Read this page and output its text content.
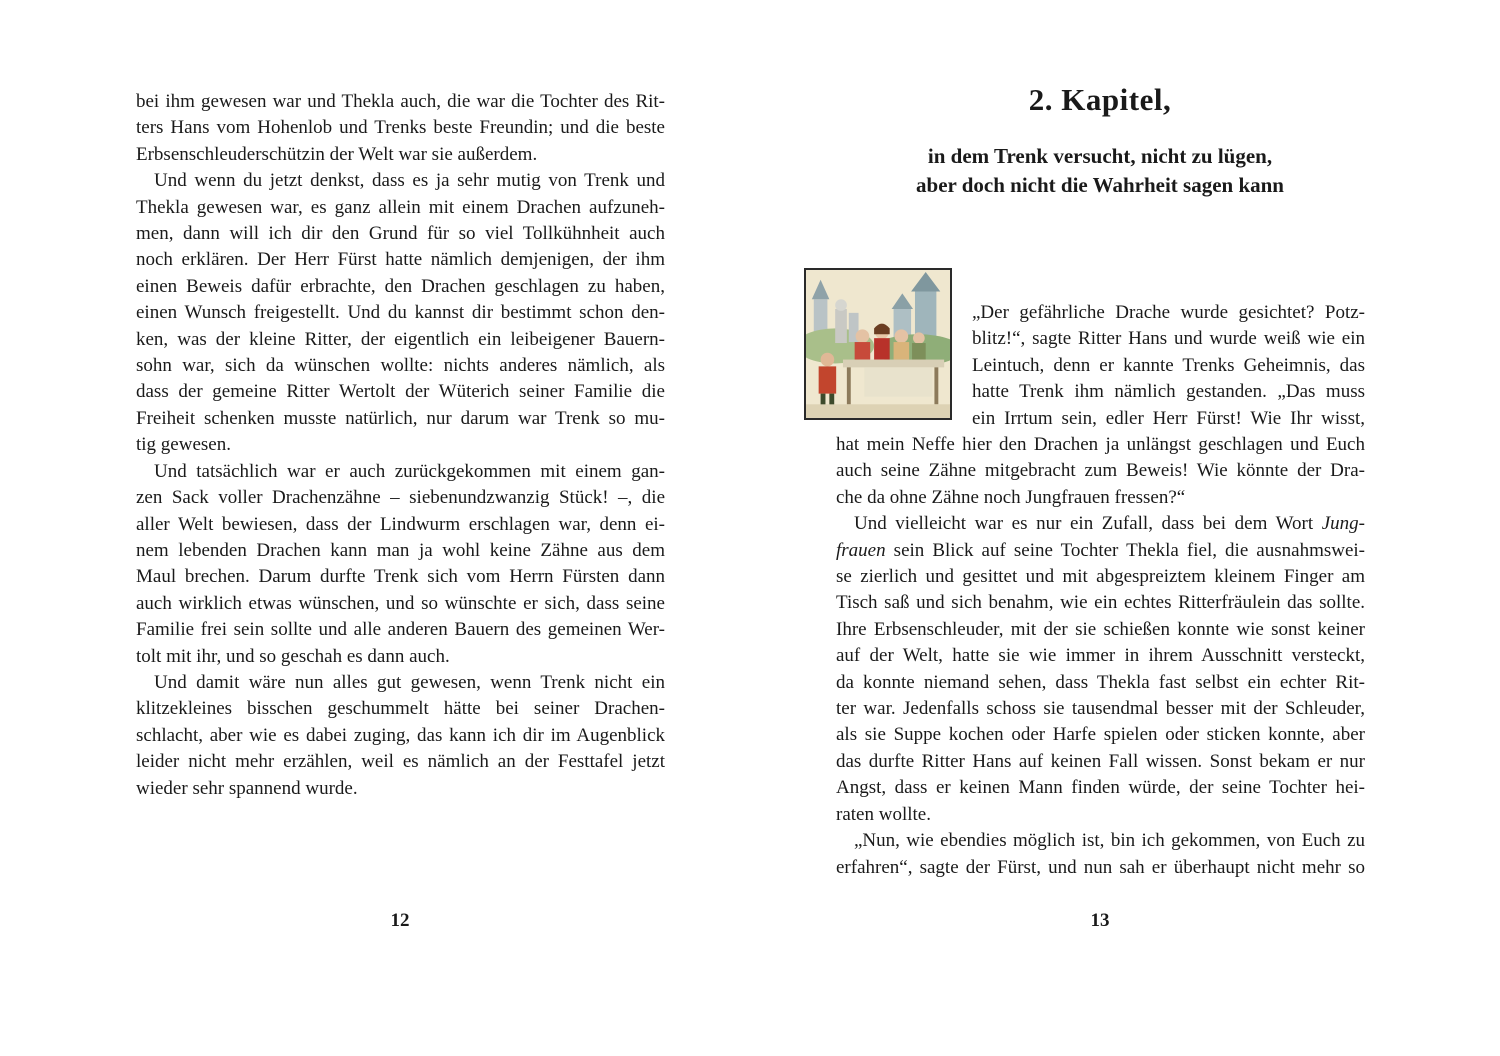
bei ihm gewesen war und Thekla auch, die war die Tochter des Rit-
ters Hans vom Hohenlob und Trenks beste Freundin; und die beste
Erbsenschleuderschützin der Welt war sie außerdem.

Und wenn du jetzt denkst, dass es ja sehr mutig von Trenk und
Thekla gewesen war, es ganz allein mit einem Drachen aufzuneh-
men, dann will ich dir den Grund für so viel Tollkühnheit auch
noch erklären. Der Herr Fürst hatte nämlich demjenigen, der ihm
einen Beweis dafür erbrachte, den Drachen geschlagen zu haben,
einen Wunsch freigestellt. Und du kannst dir bestimmt schon den-
ken, was der kleine Ritter, der eigentlich ein leibeigener Bauern-
sohn war, sich da wünschen wollte: nichts anderes nämlich, als
dass der gemeine Ritter Wertolt der Wüterich seiner Familie die
Freiheit schenken musste natürlich, nur darum war Trenk so mu-
tig gewesen.

Und tatsächlich war er auch zurückgekommen mit einem gan-
zen Sack voller Drachenzähne – siebenundzwanzig Stück! –, die
aller Welt bewiesen, dass der Lindwurm erschlagen war, denn ei-
nem lebenden Drachen kann man ja wohl keine Zähne aus dem
Maul brechen. Darum durfte Trenk sich vom Herrn Fürsten dann
auch wirklich etwas wünschen, und so wünschte er sich, dass seine
Familie frei sein sollte und alle anderen Bauern des gemeinen Wer-
tolt mit ihr, und so geschah es dann auch.

Und damit wäre nun alles gut gewesen, wenn Trenk nicht ein
klitzekleines bisschen geschummelt hätte bei seiner Drachen-
schlacht, aber wie es dabei zuging, das kann ich dir im Augenblick
leider nicht mehr erzählen, weil es nämlich an der Festtafel jetzt
wieder sehr spannend wurde.

12
2. Kapitel,
in dem Trenk versucht, nicht zu lügen,
aber doch nicht die Wahrheit sagen kann
„Der gefährliche Drache wurde gesichtet? Potz-
blitz!“, sagte Ritter Hans und wurde weiß wie ein
Leintuch, denn er kannte Trenks Geheimnis, das
hatte Trenk ihm nämlich gestanden. „Das muss
ein Irrtum sein, edler Herr Fürst! Wie Ihr wisst,

hat mein Neffe hier den Drachen ja unlängst geschlagen und Euch
auch seine Zähne mitgebracht zum Beweis! Wie könnte der Dra-
che da ohne Zähne noch Jungfrauen fressen?“

Und vielleicht war es nur ein Zufall, dass bei dem Wort Jung-
frauen sein Blick auf seine Tochter Thekla fiel, die ausnahmswei-
se zierlich und gesittet und mit abgespreiztem kleinem Finger am
Tisch saß und sich benahm, wie ein echtes Ritterfräulein das sollte.
Ihre Erbsenschleuder, mit der sie schießen konnte wie sonst keiner
auf der Welt, hatte sie wie immer in ihrem Ausschnitt versteckt,
da konnte niemand sehen, dass Thekla fast selbst ein echter Rit-
ter war. Jedenfalls schoss sie tausendmal besser mit der Schleuder,
als sie Suppe kochen oder Harfe spielen oder sticken konnte, aber
das durfte Ritter Hans auf keinen Fall wissen. Sonst bekam er nur
Angst, dass er keinen Mann finden würde, der seine Tochter hei-
raten wollte.

„Nun, wie ebendies möglich ist, bin ich gekommen, von Euch zu
erfahren“, sagte der Fürst, und nun sah er überhaupt nicht mehr so

13
